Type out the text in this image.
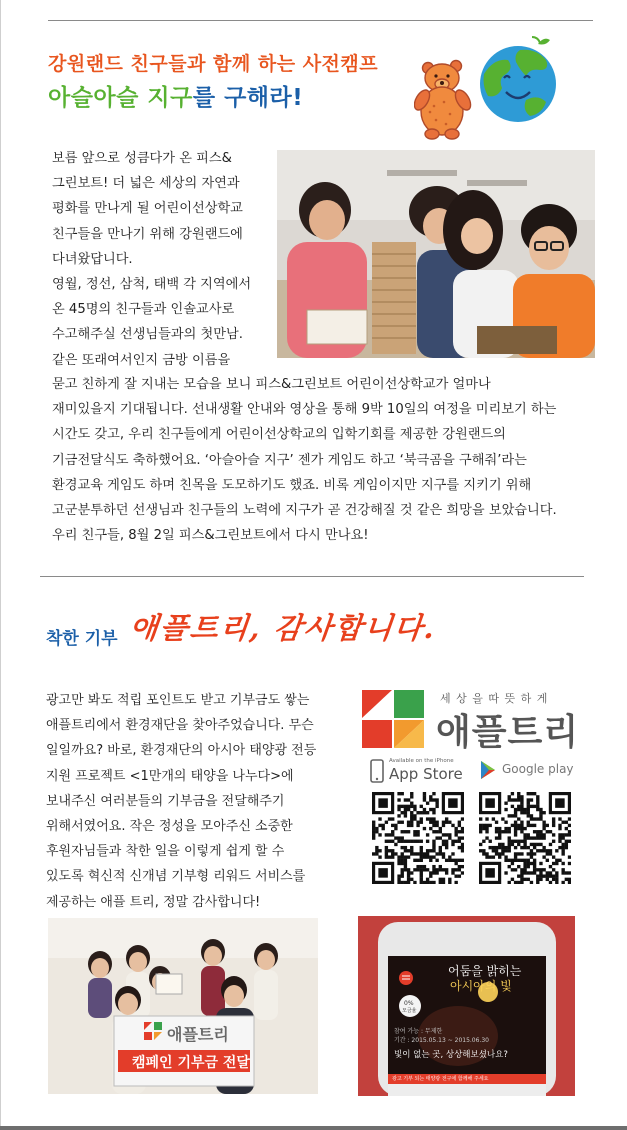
강원랜드 친구들과 함께 하는 사전캠프
아슬아슬 지구를 구해라!
보름 앞으로 성큼다가 온 피스&
그린보트! 더 넓은 세상의 자연과
평화를 만나게 될 어린이선상학교
친구들을 만나기 위해 강원랜드에
다녀왔답니다.
영월, 정선, 삼척, 태백 각 지역에서
온 45명의 친구들과 인솔교사로
수고해주실 선생님들과의 첫만남.
같은 또래여서인지 금방 이름을
묻고 친하게 잘 지내는 모습을 보니 피스&그린보트 어린이선상학교가 얼마나
재미있을지 기대됩니다. 선내생활 안내와 영상을 통해 9박 10일의 여정을 미리보기 하는
시간도 갖고, 우리 친구들에게 어린이선상학교의 입학기회를 제공한 강원랜드의
기금전달식도 축하했어요. ‘아슬아슬 지구’ 젠가 게임도 하고 ‘북극곰을 구해줘’라는
환경교육 게임도 하며 친목을 도모하기도 했죠. 비록 게임이지만 지구를 지키기 위해
고군분투하던 선생님과 친구들의 노력에 지구가 곧 건강해질 것 같은 희망을 보았습니다.
우리 친구들, 8월 2일 피스&그린보트에서 다시 만나요!
착한 기부 애플트리, 감사합니다.
광고만 봐도 적립 포인트도 받고 기부금도 쌓는
애플트리에서 환경재단을 찾아주었습니다. 무슨
일일까요? 바로, 환경재단의 아시아 태양광 전등
지원 프로젝트 <1만개의 태양을 나누다>에
보내주신 여러분들의 기부금을 전달해주기
위해서였어요. 작은 정성을 모아주신 소중한
후원자님들과 착한 일을 이렇게 쉽게 할 수
있도록 혁신적 신개념 기부형 리워드 서비스를
제공하는 애플 트리, 정말 감사합니다!
세 상 을 따 뜻 하 게
애플트리
Available on the iPhone
App Store	Google play
애플트리
캠페인 기부금 전달
어둠을 밝히는
아시아의 빛
0%
모금율
참여 가능 : 무제한
기간 : 2015.05.13 ~ 2015.06.30
빛이 없는 곳, 상상해보셨나요?
광고 기부 되는 태양광 전구에 함께해 주세요
